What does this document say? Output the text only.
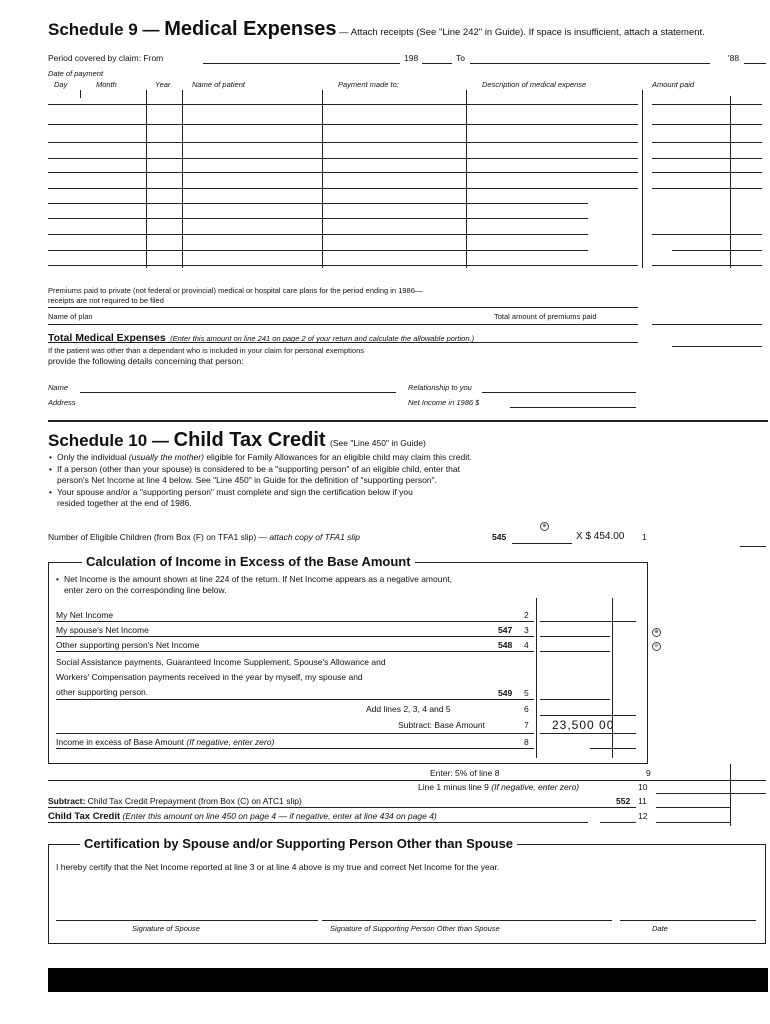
Schedule 9 — Medical Expenses — Attach receipts (See "Line 242" in Guide). If space is insufficient, attach a statement.
Period covered by claim: From	198	To	'88
Date of payment
Day	Month	Year	Name of patient	Payment made to:	Description of medical expense	Amount paid
Premiums paid to private (not federal or provincial) medical or hospital care plans for the period ending in 1986—
receipts are not required to be filed
Name of plan	Total amount of premiums paid
Total Medical Expenses (Enter this amount on line 241 on page 2 of your return and calculate the allowable portion.)
If the patient was other than a dependant who is included in your claim for personal exemptions
provide the following details concerning that person:
Name	Relationship to you
Address	Net Income in 1986 $
Schedule 10 — Child Tax Credit (See "Line 450" in Guide)
• Only the individual (usually the mother) eligible for Family Allowances for an eligible child may claim this credit.
• If a person (other than your spouse) is considered to be a "supporting person" of an eligible child, enter that
person's Net Income at line 4 below. See "Line 450" in Guide for the definition of "supporting person".
• Your spouse and/or a "supporting person" must complete and sign the certification below if you
resided together at the end of 1986.
Number of Eligible Children (from Box (F) on TFA1 slip) — attach copy of TFA1 slip	545	X $ 454.00 1
⊕
Calculation of Income in Excess of the Base Amount
• Net Income is the amount shown at line 224 of the return. If Net Income appears as a negative amount,
enter zero on the corresponding line below.
My Net Income	2
My spouse's Net Income	547 3	⊕
Other supporting person's Net Income	548 4	⊙
Social Assistance payments, Guaranteed Income Supplement, Spouse's Allowance and
Workers' Compensation payments received in the year by myself, my spouse and
other supporting person.	549 5
Add lines 2, 3, 4 and 5	6
Subtract: Base Amount	7 23,500 00
Income in excess of Base Amount (If negative, enter zero)	8
Enter: 5% of line 8	9
Line 1 minus line 9 (If negative, enter zero)	10
Subtract: Child Tax Credit Prepayment (from Box (C) on ATC1 slip)	552 11
Child Tax Credit (Enter this amount on line 450 on page 4 — if negative, enter at line 434 on page 4)	12
Certification by Spouse and/or Supporting Person Other than Spouse
I hereby certify that the Net Income reported at line 3 or at line 4 above is my true and correct Net Income for the year.
Signature of Spouse	Signature of Supporting Person Other than Spouse	Date
